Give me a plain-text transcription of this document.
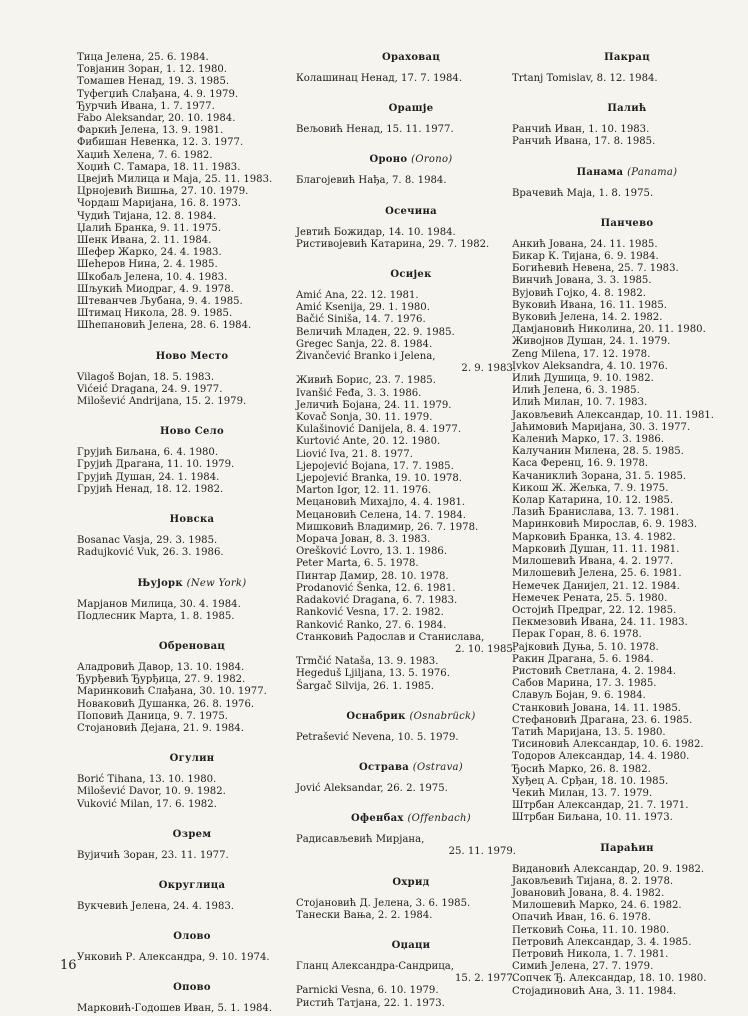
Тица Јелена, 25. 6. 1984.
Товјанин Зоран, 1. 12. 1980.
Томашев Ненад, 19. 3. 1985.
Туфегџић Слађана, 4. 9. 1979.
Ђурчић Ивана, 1. 7. 1977.
Fabo Aleksandar, 20. 10. 1984.
Фаркић Јелена, 13. 9. 1981.
Фибишан Невенка, 12. 3. 1977.
Хаџић Хелена, 7. 6. 1982.
Хоџић С. Тамара, 18. 11. 1983.
Цвејић Милица и Маја, 25. 11. 1983.
Црнојевић Вишња, 27. 10. 1979.
Чордаш Маријана, 16. 8. 1973.
Чудић Тијана, 12. 8. 1984.
Џалић Бранка, 9. 11. 1975.
Шенк Ивана, 2. 11. 1984.
Шефер Жарко, 24. 4. 1983.
Шеһеров Нина, 2. 4. 1985.
Шкобаљ Јелена, 10. 4. 1983.
Шљукић Миодраг, 4. 9. 1978.
Штеванчев Љубана, 9. 4. 1985.
Штимац Никола, 28. 9. 1985.
Шһепановић Јелена, 28. 6. 1984.
Ново Место
Vilagoš Bojan, 18. 5. 1983.
Vićeić Dragana, 24. 9. 1977.
Milošević Andrijana, 15. 2. 1979.
Ново Село
Грујић Биљана, 6. 4. 1980.
Грујић Драгана, 11. 10. 1979.
Грујић Душан, 24. 1. 1984.
Грујић Ненад, 18. 12. 1982.
Новска
Bosanac Vasja, 29. 3. 1985.
Radujković Vuk, 26. 3. 1986.
Њујорк (New York)
Марјанов Милица, 30. 4. 1984.
Подлесник Марта, 1. 8. 1985.
Обреновац
Аладровић Давор, 13. 10. 1984.
Ђурђевић Ђурђица, 27. 9. 1982.
Маринковић Слађана, 30. 10. 1977.
Новаковић Душанка, 26. 8. 1976.
Поповић Даница, 9. 7. 1975.
Стојановић Дејана, 21. 9. 1984.
Огулин
Borić Tihana, 13. 10. 1980.
Milošević Davor, 10. 9. 1982.
Vuković Milan, 17. 6. 1982.
Озрем
Вујичић Зоран, 23. 11. 1977.
Округлица
Вукчевић Јелена, 24. 4. 1983.
Олово
Унковић Р. Александра, 9. 10. 1974.
Опово
Марковић-Годошев Иван, 5. 1. 1984.
Ораховац
Колашинац Ненад, 17. 7. 1984.
Орашје
Вељовић Ненад, 15. 11. 1977.
Ороно (Orono)
Благојевић Нађа, 7. 8. 1984.
Осечина
Јевтић Божидар, 14. 10. 1984.
Ристивојевић Катарина, 29. 7. 1982.
Осијек
Amić Ana, 22. 12. 1981.
Amić Ksenija, 29. 1. 1980.
Bačić Siniša, 14. 7. 1976.
Величић Младен, 22. 9. 1985.
Gregec Sanja, 22. 8. 1984.
Živančević Branko i Jelena,
2. 9. 1983.
Живић Борис, 23. 7. 1985.
Ivanšić Feđa, 3. 3. 1986.
Јеличић Бојана, 24. 11. 1979.
Kovač Sonja, 30. 11. 1979.
Kulašinović Danijela, 8. 4. 1977.
Kurtović Ante, 20. 12. 1980.
Liović Iva, 21. 8. 1977.
Ljepojević Bojana, 17. 7. 1985.
Ljepojević Branka, 19. 10. 1978.
Marton Igor, 12. 11. 1976.
Мецановић Михајло, 4. 4. 1981.
Мецановић Селена, 14. 7. 1984.
Мишковић Владимир, 26. 7. 1978.
Морача Јован, 8. 3. 1983.
Orešković Lovro, 13. 1. 1986.
Peter Marta, 6. 5. 1978.
Пинтар Дамир, 28. 10. 1978.
Prodanović Šenka, 12. 6. 1981.
Radaković Dragana, 6. 7. 1983.
Ranković Vesna, 17. 2. 1982.
Ranković Ranko, 27. 6. 1984.
Станковић Радослав и Станислава,
2. 10. 1985.
Trmčić Nataša, 13. 9. 1983.
Hegeduš Ljiljana, 13. 5. 1976.
Šargač Silvija, 26. 1. 1985.
Оснабрик (Osnabrück)
Petrašević Nevena, 10. 5. 1979.
Острава (Ostrava)
Jović Aleksandar, 26. 2. 1975.
Офенбах (Offenbach)
Радисављевић Мирјана,
25. 11. 1979.
Охрид
Стојановић Д. Јелена, 3. 6. 1985.
Танески Вања, 2. 2. 1984.
Оџаци
Гланц Александра-Сандрица,
15. 2. 1977.
Parnicki Vesna, 6. 10. 1979.
Ристић Татјана, 22. 1. 1973.
Пакрац
Trtanj Tomislav, 8. 12. 1984.
Палић
Ранчић Иван, 1. 10. 1983.
Ранчић Ивана, 17. 8. 1985.
Панама (Panama)
Врачевић Маја, 1. 8. 1975.
Панчево
Анкић Јована, 24. 11. 1985.
Бикар К. Тијана, 6. 9. 1984.
Богићевић Невена, 25. 7. 1983.
Винчић Јована, 3. 3. 1985.
Вујовић Гојко, 4. 8. 1982.
Вуковић Ивана, 16. 11. 1985.
Вуковић Јелена, 14. 2. 1982.
Дамјановић Николина, 20. 11. 1980.
Живојнов Душан, 24. 1. 1979.
Zeng Milena, 17. 12. 1978.
Ivkov Aleksandra, 4. 10. 1976.
Илић Душица, 9. 10. 1982.
Илић Јелена, 6. 3. 1985.
Илић Милан, 10. 7. 1983.
Јаковљевић Александар, 10. 11. 1981.
Јаћимовић Маријана, 30. 3. 1977.
Каленић Марко, 17. 3. 1986.
Калучанин Милена, 28. 5. 1985.
Каса Ференц, 16. 9. 1978.
Качаниклић Зорана, 31. 5. 1985.
Кикош Ж. Жељка, 7. 9. 1975.
Колар Катарина, 10. 12. 1985.
Лазић Бранислава, 13. 7. 1981.
Маринковић Мирослав, 6. 9. 1983.
Марковић Бранка, 13. 4. 1982.
Марковић Душан, 11. 11. 1981.
Милошевић Ивана, 4. 2. 1977.
Милошевић Јелена, 25. 6. 1981.
Немечек Данијел, 21. 12. 1984.
Немечек Рената, 25. 5. 1980.
Остојић Предраг, 22. 12. 1985.
Пекмезовић Ивана, 24. 11. 1983.
Перак Горан, 8. 6. 1978.
Рајковић Дуња, 5. 10. 1978.
Ракин Драгана, 5. 6. 1984.
Ристовић Светлана, 4. 2. 1984.
Сабов Марина, 17. 3. 1985.
Славуљ Бојан, 9. 6. 1984.
Станковић Јована, 14. 11. 1985.
Стефановић Драгана, 23. 6. 1985.
Татић Маријана, 13. 5. 1980.
Тисиновић Александар, 10. 6. 1982.
Тодоров Александар, 14. 4. 1980.
Ђосић Марко, 26. 8. 1982.
Хуђец А. Срђан, 18. 10. 1985.
Чекић Милан, 13. 7. 1979.
Штрбан Александар, 21. 7. 1971.
Штрбан Биљана, 10. 11. 1973.
Параћин
Видановић Александар, 20. 9. 1982.
Јаковљевић Тијана, 8. 2. 1978.
Јовановић Јована, 8. 4. 1982.
Милошевић Марко, 24. 6. 1982.
Опачић Иван, 16. 6. 1978.
Петковић Соња, 11. 10. 1980.
Петровић Александар, 3. 4. 1985.
Петровић Никола, 1. 7. 1981.
Симић Јелена, 27. 7. 1979.
Сопчек Ђ. Александар, 18. 10. 1980.
Стојадиновић Ана, 3. 11. 1984.
16
